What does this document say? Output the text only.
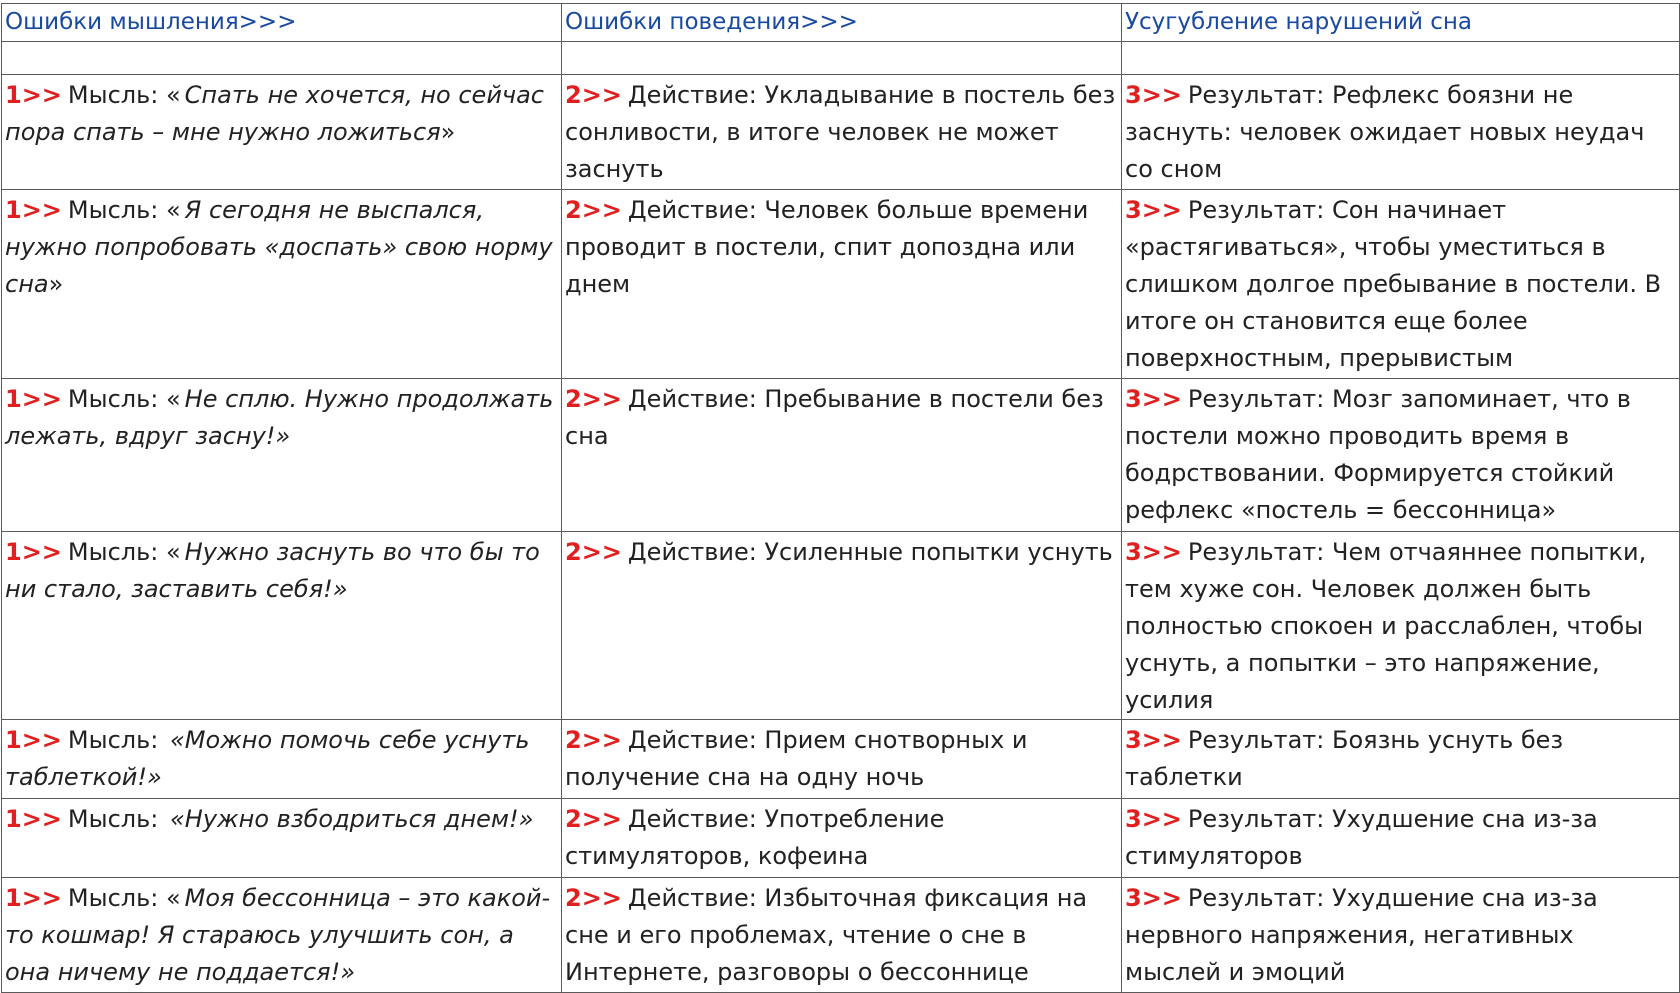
Ошибки мышления>>>	Ошибки поведения>>>	Усугубление нарушений сна

1>> Мысль: « Спать не хочется, но сейчас пора спать – мне нужно ложиться»	2>> Действие: Укладывание в постель без сонливости, в итоге человек не может заснуть	3>> Результат: Рефлекс боязни не заснуть: человек ожидает новых неудач со сном
1>> Мысль: « Я сегодня не выспался, нужно попробовать «доспать» свою норму сна»	2>> Действие: Человек больше времени проводит в постели, спит допоздна или днем	3>> Результат: Сон начинает «растягиваться», чтобы уместиться в слишком долгое пребывание в постели. В итоге он становится еще более поверхностным, прерывистым
1>> Мысль: « Не сплю. Нужно продолжать лежать, вдруг засну!»	2>> Действие: Пребывание в постели без сна	3>> Результат: Мозг запоминает, что в постели можно проводить время в бодрствовании. Формируется стойкий рефлекс «постель = бессонница»
1>> Мысль: « Нужно заснуть во что бы то ни стало, заставить себя!»	2>> Действие: Усиленные попытки уснуть	3>> Результат: Чем отчаяннее попытки, тем хуже сон. Человек должен быть полностью спокоен и расслаблен, чтобы уснуть, а попытки – это напряжение, усилия
1>> Мысль: «Можно помочь себе уснуть таблеткой!»	2>> Действие: Прием снотворных и получение сна на одну ночь	3>> Результат: Боязнь уснуть без таблетки
1>> Мысль: «Нужно взбодриться днем!»	2>> Действие: Употребление стимуляторов, кофеина	3>> Результат: Ухудшение сна из-за стимуляторов
1>> Мысль: « Моя бессонница – это какой-то кошмар! Я стараюсь улучшить сон, а она ничему не поддается!»	2>> Действие: Избыточная фиксация на сне и его проблемах, чтение о сне в Интернете, разговоры о бессоннице	3>> Результат: Ухудшение сна из-за нервного напряжения, негативных мыслей и эмоций
